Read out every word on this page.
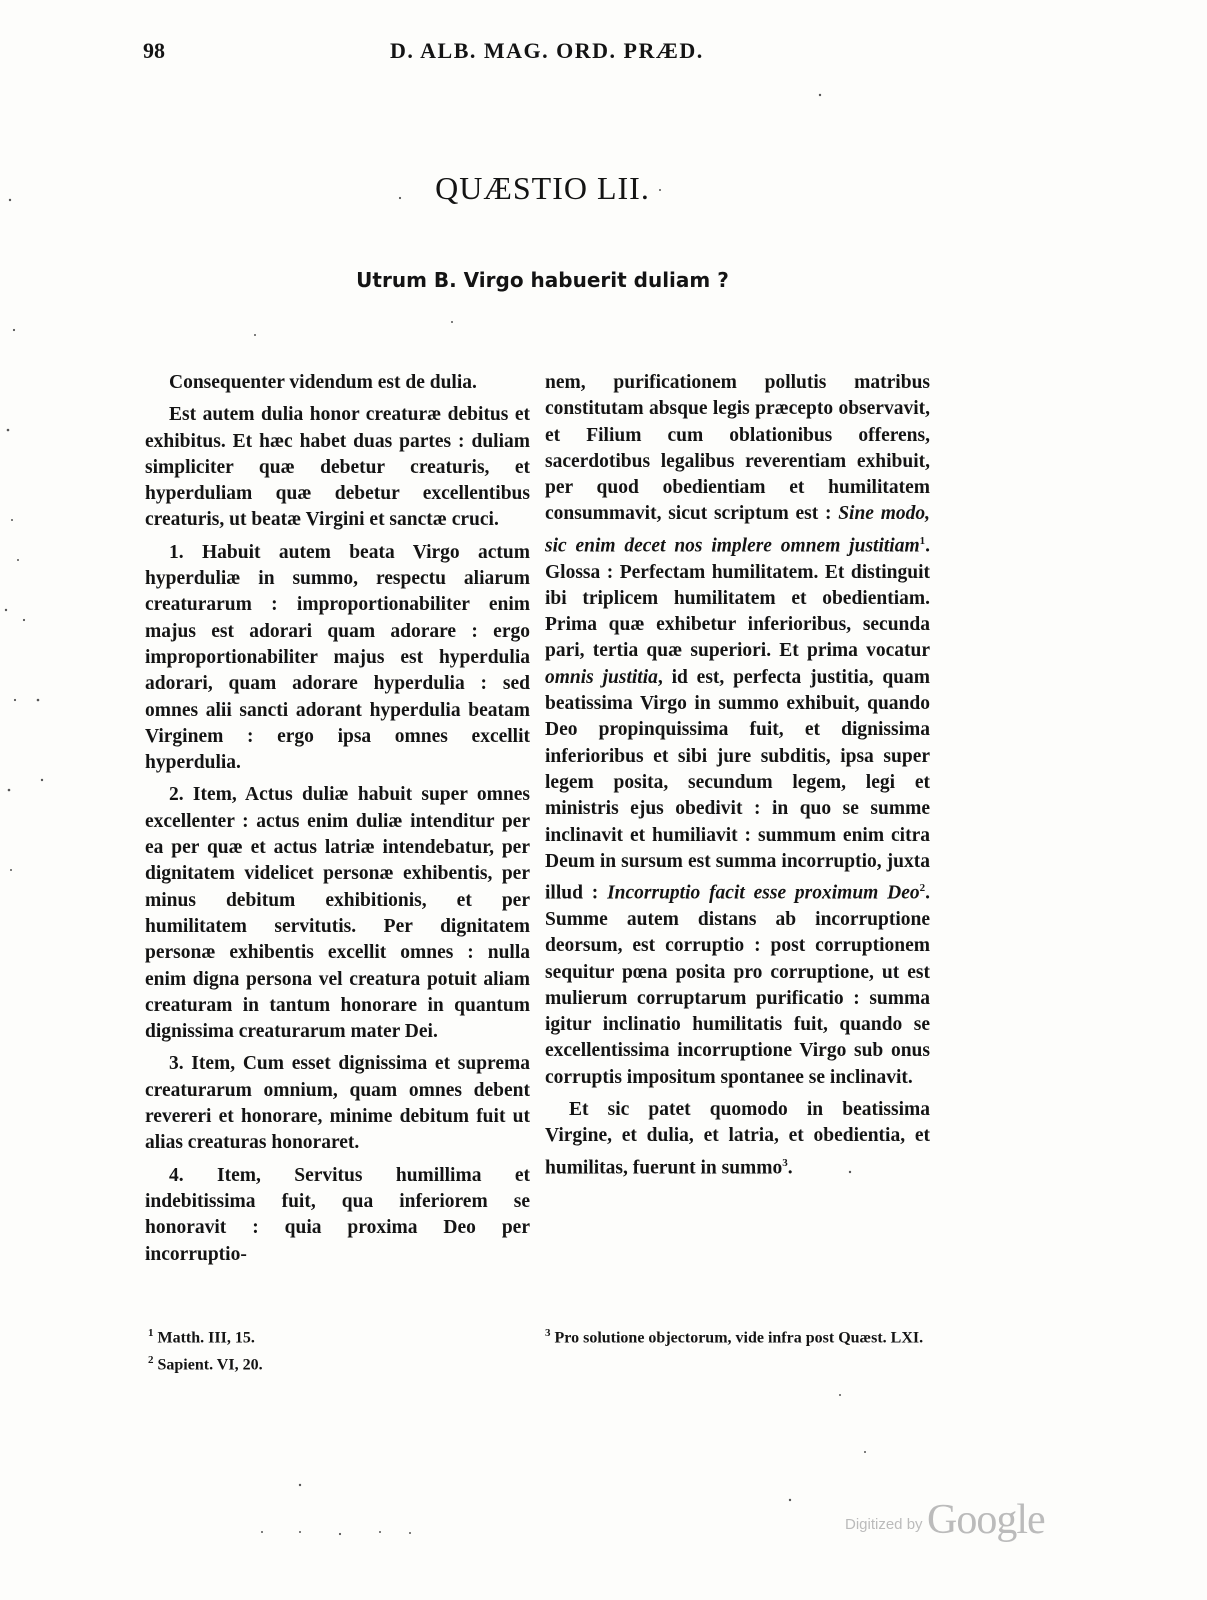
98	D. ALB. MAG. ORD. PRÆD.
QUÆSTIO LII.
Utrum B. Virgo habuerit duliam ?

Consequenter videndum est de dulia.

Est autem dulia honor creaturæ debitus et exhibitus. Et hæc habet duas partes : duliam simpliciter quæ debetur creaturis, et hyperduliam quæ debetur excellentibus creaturis, ut beatæ Virgini et sanctæ cruci.

1. Habuit autem beata Virgo actum hyperduliæ in summo, respectu aliarum creaturarum : improportionabiliter enim majus est adorari quam adorare : ergo improportionabiliter majus est hyperdulia adorari, quam adorare hyperdulia : sed omnes alii sancti adorant hyperdulia beatam Virginem : ergo ipsa omnes excellit hyperdulia.

2. Item, Actus duliæ habuit super omnes excellenter : actus enim duliæ intenditur per ea per quæ et actus latriæ intendebatur, per dignitatem videlicet personæ exhibentis, per minus debitum exhibitionis, et per humilitatem servitutis. Per dignitatem personæ exhibentis excellit omnes : nulla enim digna persona vel creatura potuit aliam creaturam in tantum honorare in quantum dignissima creaturarum mater Dei.

3. Item, Cum esset dignissima et suprema creaturarum omnium, quam omnes debent revereri et honorare, minime debitum fuit ut alias creaturas honoraret.

4. Item, Servitus humillima et indebitissima fuit, qua inferiorem se honoravit : quia proxima Deo per incorruptio-

nem, purificationem pollutis matribus constitutam absque legis præcepto observavit, et Filium cum oblationibus offerens, sacerdotibus legalibus reverentiam exhibuit, per quod obedientiam et humilitatem consummavit, sicut scriptum est : Sine modo, sic enim decet nos implere omnem justitiam$^1$. Glossa : Perfectam humilitatem. Et distinguit ibi triplicem humilitatem et obedientiam. Prima quæ exhibetur inferioribus, secunda pari, tertia quæ superiori. Et prima vocatur omnis justitia, id est, perfecta justitia, quam beatissima Virgo in summo exhibuit, quando Deo propinquissima fuit, et dignissima inferioribus et sibi jure subditis, ipsa super legem posita, secundum legem, legi et ministris ejus obedivit : in quo se summe inclinavit et humiliavit : summum enim citra Deum in sursum est summa incorruptio, juxta illud : Incorruptio facit esse proximum Deo$^2$. Summe autem distans ab incorruptione deorsum, est corruptio : post corruptionem sequitur pœna posita pro corruptione, ut est mulierum corruptarum purificatio : summa igitur inclinatio humilitatis fuit, quando se excellentissima incorruptione Virgo sub onus corruptis impositum spontanee se inclinavit.

Et sic patet quomodo in beatissima Virgine, et dulia, et latria, et obedientia, et humilitas, fuerunt in summo$^3$.

$^1$ Matth. III, 15.

$^2$ Sapient. VI, 20.

$^3$ Pro solutione objectorum, vide infra post Quæst. LXI.

Digitized by Google
